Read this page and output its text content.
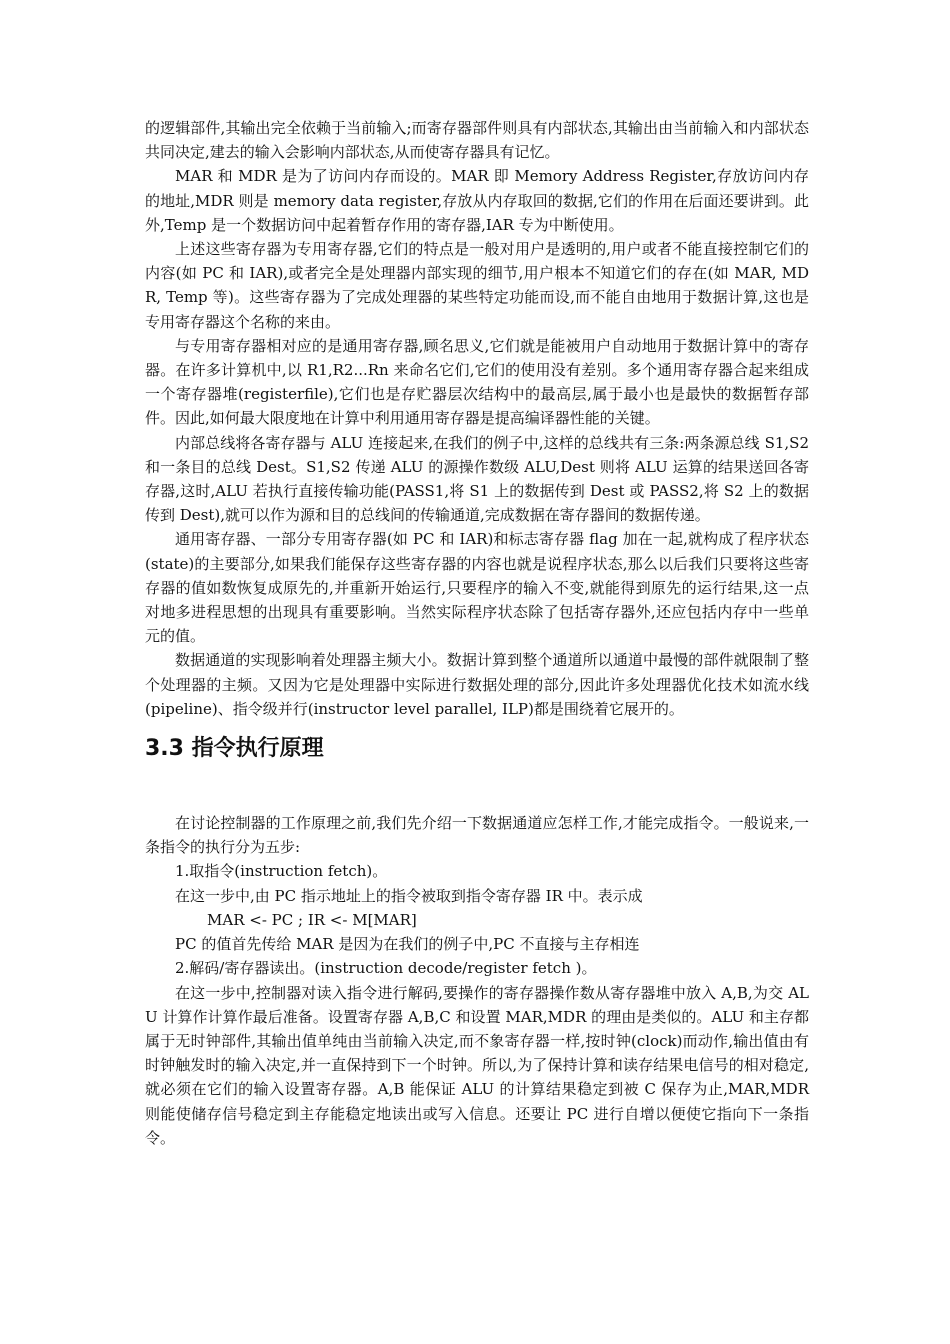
的逻辑部件,其输出完全依赖于当前输入;而寄存器部件则具有内部状态,其输出由当前输入和内部状态共同决定,建去的输入会影响内部状态,从而使寄存器具有记忆。

MAR 和 MDR 是为了访问内存而设的。MAR 即 Memory Address Register,存放访问内存的地址,MDR 则是 memory data register,存放从内存取回的数据,它们的作用在后面还要讲到。此外,Temp 是一个数据访问中起着暂存作用的寄存器,IAR 专为中断使用。

上述这些寄存器为专用寄存器,它们的特点是一般对用户是透明的,用户或者不能直接控制它们的内容(如 PC 和 IAR),或者完全是处理器内部实现的细节,用户根本不知道它们的存在(如 MAR, MDR, Temp 等)。这些寄存器为了完成处理器的某些特定功能而设,而不能自由地用于数据计算,这也是专用寄存器这个名称的来由。

与专用寄存器相对应的是通用寄存器,顾名思义,它们就是能被用户自动地用于数据计算中的寄存器。在许多计算机中,以 R1,R2...Rn 来命名它们,它们的使用没有差别。多个通用寄存器合起来组成一个寄存器堆(registerfile),它们也是存贮器层次结构中的最高层,属于最小也是最快的数据暂存部件。因此,如何最大限度地在计算中利用通用寄存器是提高编译器性能的关键。

内部总线将各寄存器与 ALU 连接起来,在我们的例子中,这样的总线共有三条:两条源总线 S1,S2 和一条目的总线 Dest。S1,S2 传递 ALU 的源操作数级 ALU,Dest 则将 ALU 运算的结果送回各寄存器,这时,ALU 若执行直接传输功能(PASS1,将 S1 上的数据传到 Dest 或 PASS2,将 S2 上的数据传到 Dest),就可以作为源和目的总线间的传输通道,完成数据在寄存器间的数据传递。

通用寄存器、一部分专用寄存器(如 PC 和 IAR)和标志寄存器 flag 加在一起,就构成了程序状态(state)的主要部分,如果我们能保存这些寄存器的内容也就是说程序状态,那么以后我们只要将这些寄存器的值如数恢复成原先的,并重新开始运行,只要程序的输入不变,就能得到原先的运行结果,这一点对地多进程思想的出现具有重要影响。当然实际程序状态除了包括寄存器外,还应包括内存中一些单元的值。

数据通道的实现影响着处理器主频大小。数据计算到整个通道所以通道中最慢的部件就限制了整个处理器的主频。又因为它是处理器中实际进行数据处理的部分,因此许多处理器优化技术如流水线(pipeline)、指令级并行(instructor level parallel, ILP)都是围绕着它展开的。

3.3 指令执行原理

在讨论控制器的工作原理之前,我们先介绍一下数据通道应怎样工作,才能完成指令。一般说来,一条指令的执行分为五步:

1.取指令(instruction fetch)。

在这一步中,由 PC 指示地址上的指令被取到指令寄存器 IR 中。表示成

MAR <- PC ; IR <- M[MAR]

PC 的值首先传给 MAR 是因为在我们的例子中,PC 不直接与主存相连

2.解码/寄存器读出。(instruction decode/register fetch )。

在这一步中,控制器对读入指令进行解码,要操作的寄存器操作数从寄存器堆中放入 A,B,为交 ALU 计算作计算作最后准备。设置寄存器 A,B,C 和设置 MAR,MDR 的理由是类似的。ALU 和主存都属于无时钟部件,其输出值单纯由当前输入决定,而不象寄存器一样,按时钟(clock)而动作,输出值由有时钟触发时的输入决定,并一直保持到下一个时钟。所以,为了保持计算和读存结果电信号的相对稳定,就必须在它们的输入设置寄存器。A,B 能保证 ALU 的计算结果稳定到被 C 保存为止,MAR,MDR 则能使储存信号稳定到主存能稳定地读出或写入信息。还要让 PC 进行自增以便使它指向下一条指令。
